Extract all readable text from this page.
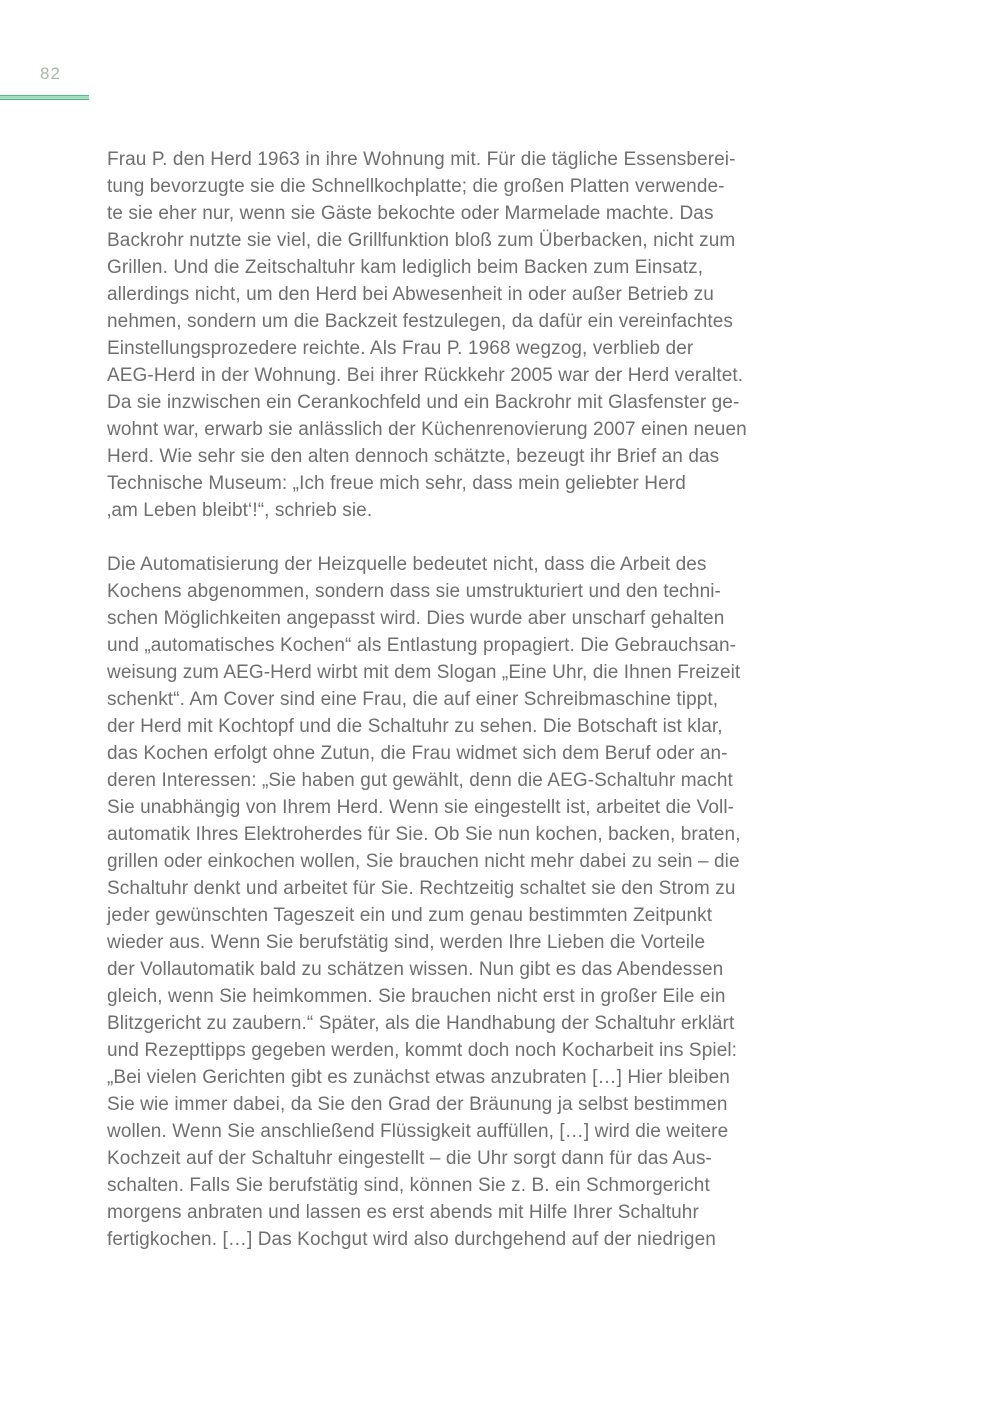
82
Frau P. den Herd 1963 in ihre Wohnung mit. Für die tägliche Essensberei-
tung bevorzugte sie die Schnellkochplatte; die großen Platten verwende-
te sie eher nur, wenn sie Gäste bekochte oder Marmelade machte. Das
Backrohr nutzte sie viel, die Grillfunktion bloß zum Überbacken, nicht zum
Grillen. Und die Zeitschaltuhr kam lediglich beim Backen zum Einsatz,
allerdings nicht, um den Herd bei Abwesenheit in oder außer Betrieb zu
nehmen, sondern um die Backzeit festzulegen, da dafür ein vereinfachtes
Einstellungsprozedere reichte. Als Frau P. 1968 wegzog, verblieb der
AEG-Herd in der Wohnung. Bei ihrer Rückkehr 2005 war der Herd veraltet.
Da sie inzwischen ein Cerankochfeld und ein Backrohr mit Glasfenster ge-
wohnt war, erwarb sie anlässlich der Küchenrenovierung 2007 einen neuen
Herd. Wie sehr sie den alten dennoch schätzte, bezeugt ihr Brief an das
Technische Museum: „Ich freue mich sehr, dass mein geliebter Herd
‚am Leben bleibt‘!“, schrieb sie.
Die Automatisierung der Heizquelle bedeutet nicht, dass die Arbeit des
Kochens abgenommen, sondern dass sie umstrukturiert und den techni-
schen Möglichkeiten angepasst wird. Dies wurde aber unscharf gehalten
und „automatisches Kochen“ als Entlastung propagiert. Die Gebrauchsan-
weisung zum AEG-Herd wirbt mit dem Slogan „Eine Uhr, die Ihnen Freizeit
schenkt“. Am Cover sind eine Frau, die auf einer Schreibmaschine tippt,
der Herd mit Kochtopf und die Schaltuhr zu sehen. Die Botschaft ist klar,
das Kochen erfolgt ohne Zutun, die Frau widmet sich dem Beruf oder an-
deren Interessen: „Sie haben gut gewählt, denn die AEG-Schaltuhr macht
Sie unabhängig von Ihrem Herd. Wenn sie eingestellt ist, arbeitet die Voll-
automatik Ihres Elektroherdes für Sie. Ob Sie nun kochen, backen, braten,
grillen oder einkochen wollen, Sie brauchen nicht mehr dabei zu sein – die
Schaltuhr denkt und arbeitet für Sie. Rechtzeitig schaltet sie den Strom zu
jeder gewünschten Tageszeit ein und zum genau bestimmten Zeitpunkt
wieder aus. Wenn Sie berufstätig sind, werden Ihre Lieben die Vorteile
der Vollautomatik bald zu schätzen wissen. Nun gibt es das Abendessen
gleich, wenn Sie heimkommen. Sie brauchen nicht erst in großer Eile ein
Blitzgericht zu zaubern.“ Später, als die Handhabung der Schaltuhr erklärt
und Rezepttipps gegeben werden, kommt doch noch Kocharbeit ins Spiel:
„Bei vielen Gerichten gibt es zunächst etwas anzubraten […] Hier bleiben
Sie wie immer dabei, da Sie den Grad der Bräunung ja selbst bestimmen
wollen. Wenn Sie anschließend Flüssigkeit auffüllen, […] wird die weitere
Kochzeit auf der Schaltuhr eingestellt – die Uhr sorgt dann für das Aus-
schalten. Falls Sie berufstätig sind, können Sie z. B. ein Schmorgericht
morgens anbraten und lassen es erst abends mit Hilfe Ihrer Schaltuhr
fertigkochen. […] Das Kochgut wird also durchgehend auf der niedrigen
